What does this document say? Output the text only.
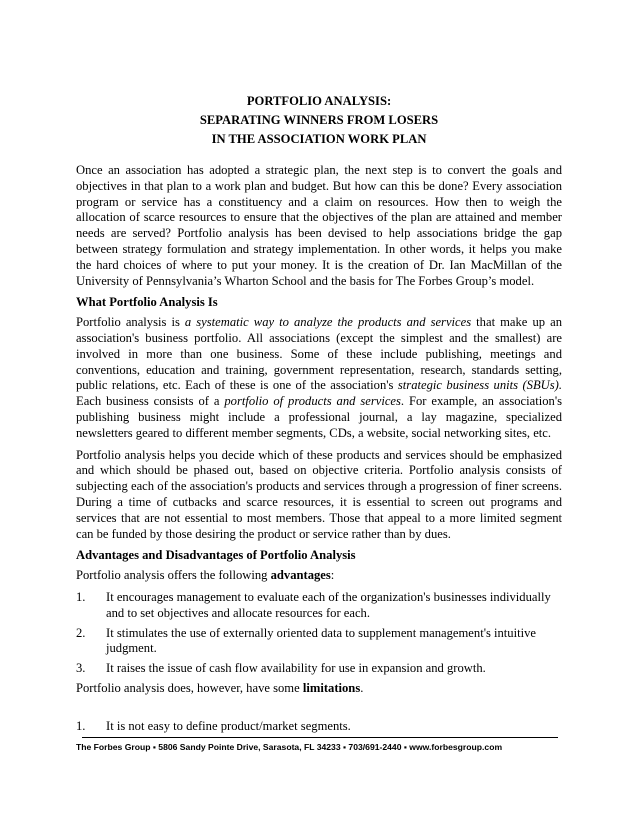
PORTFOLIO ANALYSIS:
SEPARATING WINNERS FROM LOSERS
IN THE ASSOCIATION WORK PLAN

Once an association has adopted a strategic plan, the next step is to convert the goals and objectives in that plan to a work plan and budget. But how can this be done? Every association program or service has a constituency and a claim on resources. How then to weigh the allocation of scarce resources to ensure that the objectives of the plan are attained and member needs are served? Portfolio analysis has been devised to help associations bridge the gap between strategy formulation and strategy implementation. In other words, it helps you make the hard choices of where to put your money. It is the creation of Dr. Ian MacMillan of the University of Pennsylvania’s Wharton School and the basis for The Forbes Group’s model.

What Portfolio Analysis Is

Portfolio analysis is a systematic way to analyze the products and services that make up an association's business portfolio. All associations (except the simplest and the smallest) are involved in more than one business. Some of these include publishing, meetings and conventions, education and training, government representation, research, standards setting, public relations, etc. Each of these is one of the association's strategic business units (SBUs). Each business consists of a portfolio of products and services. For example, an association's publishing business might include a professional journal, a lay magazine, specialized newsletters geared to different member segments, CDs, a website, social networking sites, etc.

Portfolio analysis helps you decide which of these products and services should be emphasized and which should be phased out, based on objective criteria. Portfolio analysis consists of subjecting each of the association's products and services through a progression of finer screens. During a time of cutbacks and scarce resources, it is essential to screen out programs and services that are not essential to most members. Those that appeal to a more limited segment can be funded by those desiring the product or service rather than by dues.

Advantages and Disadvantages of Portfolio Analysis

Portfolio analysis offers the following advantages:

1.	It encourages management to evaluate each of the organization's businesses individually and to set objectives and allocate resources for each.
2.	It stimulates the use of externally oriented data to supplement management's intuitive judgment.
3.	It raises the issue of cash flow availability for use in expansion and growth.

Portfolio analysis does, however, have some limitations.

1.	It is not easy to define product/market segments.
The Forbes Group ▪ 5806 Sandy Pointe Drive, Sarasota, FL 34233 ▪ 703/691-2440 ▪ www.forbesgroup.com
